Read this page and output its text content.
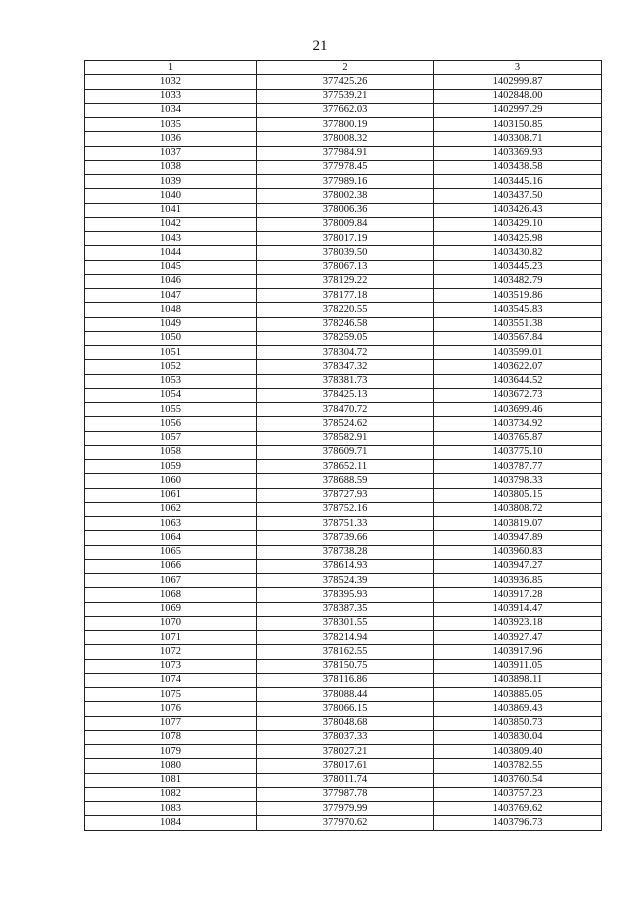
21
1	2	3
1032	377425.26	1402999.87
1033	377539.21	1402848.00
1034	377662.03	1402997.29
1035	377800.19	1403150.85
1036	378008.32	1403308.71
1037	377984.91	1403369.93
1038	377978.45	1403438.58
1039	377989.16	1403445.16
1040	378002.38	1403437.50
1041	378006.36	1403426.43
1042	378009.84	1403429.10
1043	378017.19	1403425.98
1044	378039.50	1403430.82
1045	378067.13	1403445.23
1046	378129.22	1403482.79
1047	378177.18	1403519.86
1048	378220.55	1403545.83
1049	378246.58	1403551.38
1050	378259.05	1403567.84
1051	378304.72	1403599.01
1052	378347.32	1403622.07
1053	378381.73	1403644.52
1054	378425.13	1403672.73
1055	378470.72	1403699.46
1056	378524.62	1403734.92
1057	378582.91	1403765.87
1058	378609.71	1403775.10
1059	378652.11	1403787.77
1060	378688.59	1403798.33
1061	378727.93	1403805.15
1062	378752.16	1403808.72
1063	378751.33	1403819.07
1064	378739.66	1403947.89
1065	378738.28	1403960.83
1066	378614.93	1403947.27
1067	378524.39	1403936.85
1068	378395.93	1403917.28
1069	378387.35	1403914.47
1070	378301.55	1403923.18
1071	378214.94	1403927.47
1072	378162.55	1403917.96
1073	378150.75	1403911.05
1074	378116.86	1403898.11
1075	378088.44	1403885.05
1076	378066.15	1403869.43
1077	378048.68	1403850.73
1078	378037.33	1403830.04
1079	378027.21	1403809.40
1080	378017.61	1403782.55
1081	378011.74	1403760.54
1082	377987.78	1403757.23
1083	377979.99	1403769.62
1084	377970.62	1403796.73
